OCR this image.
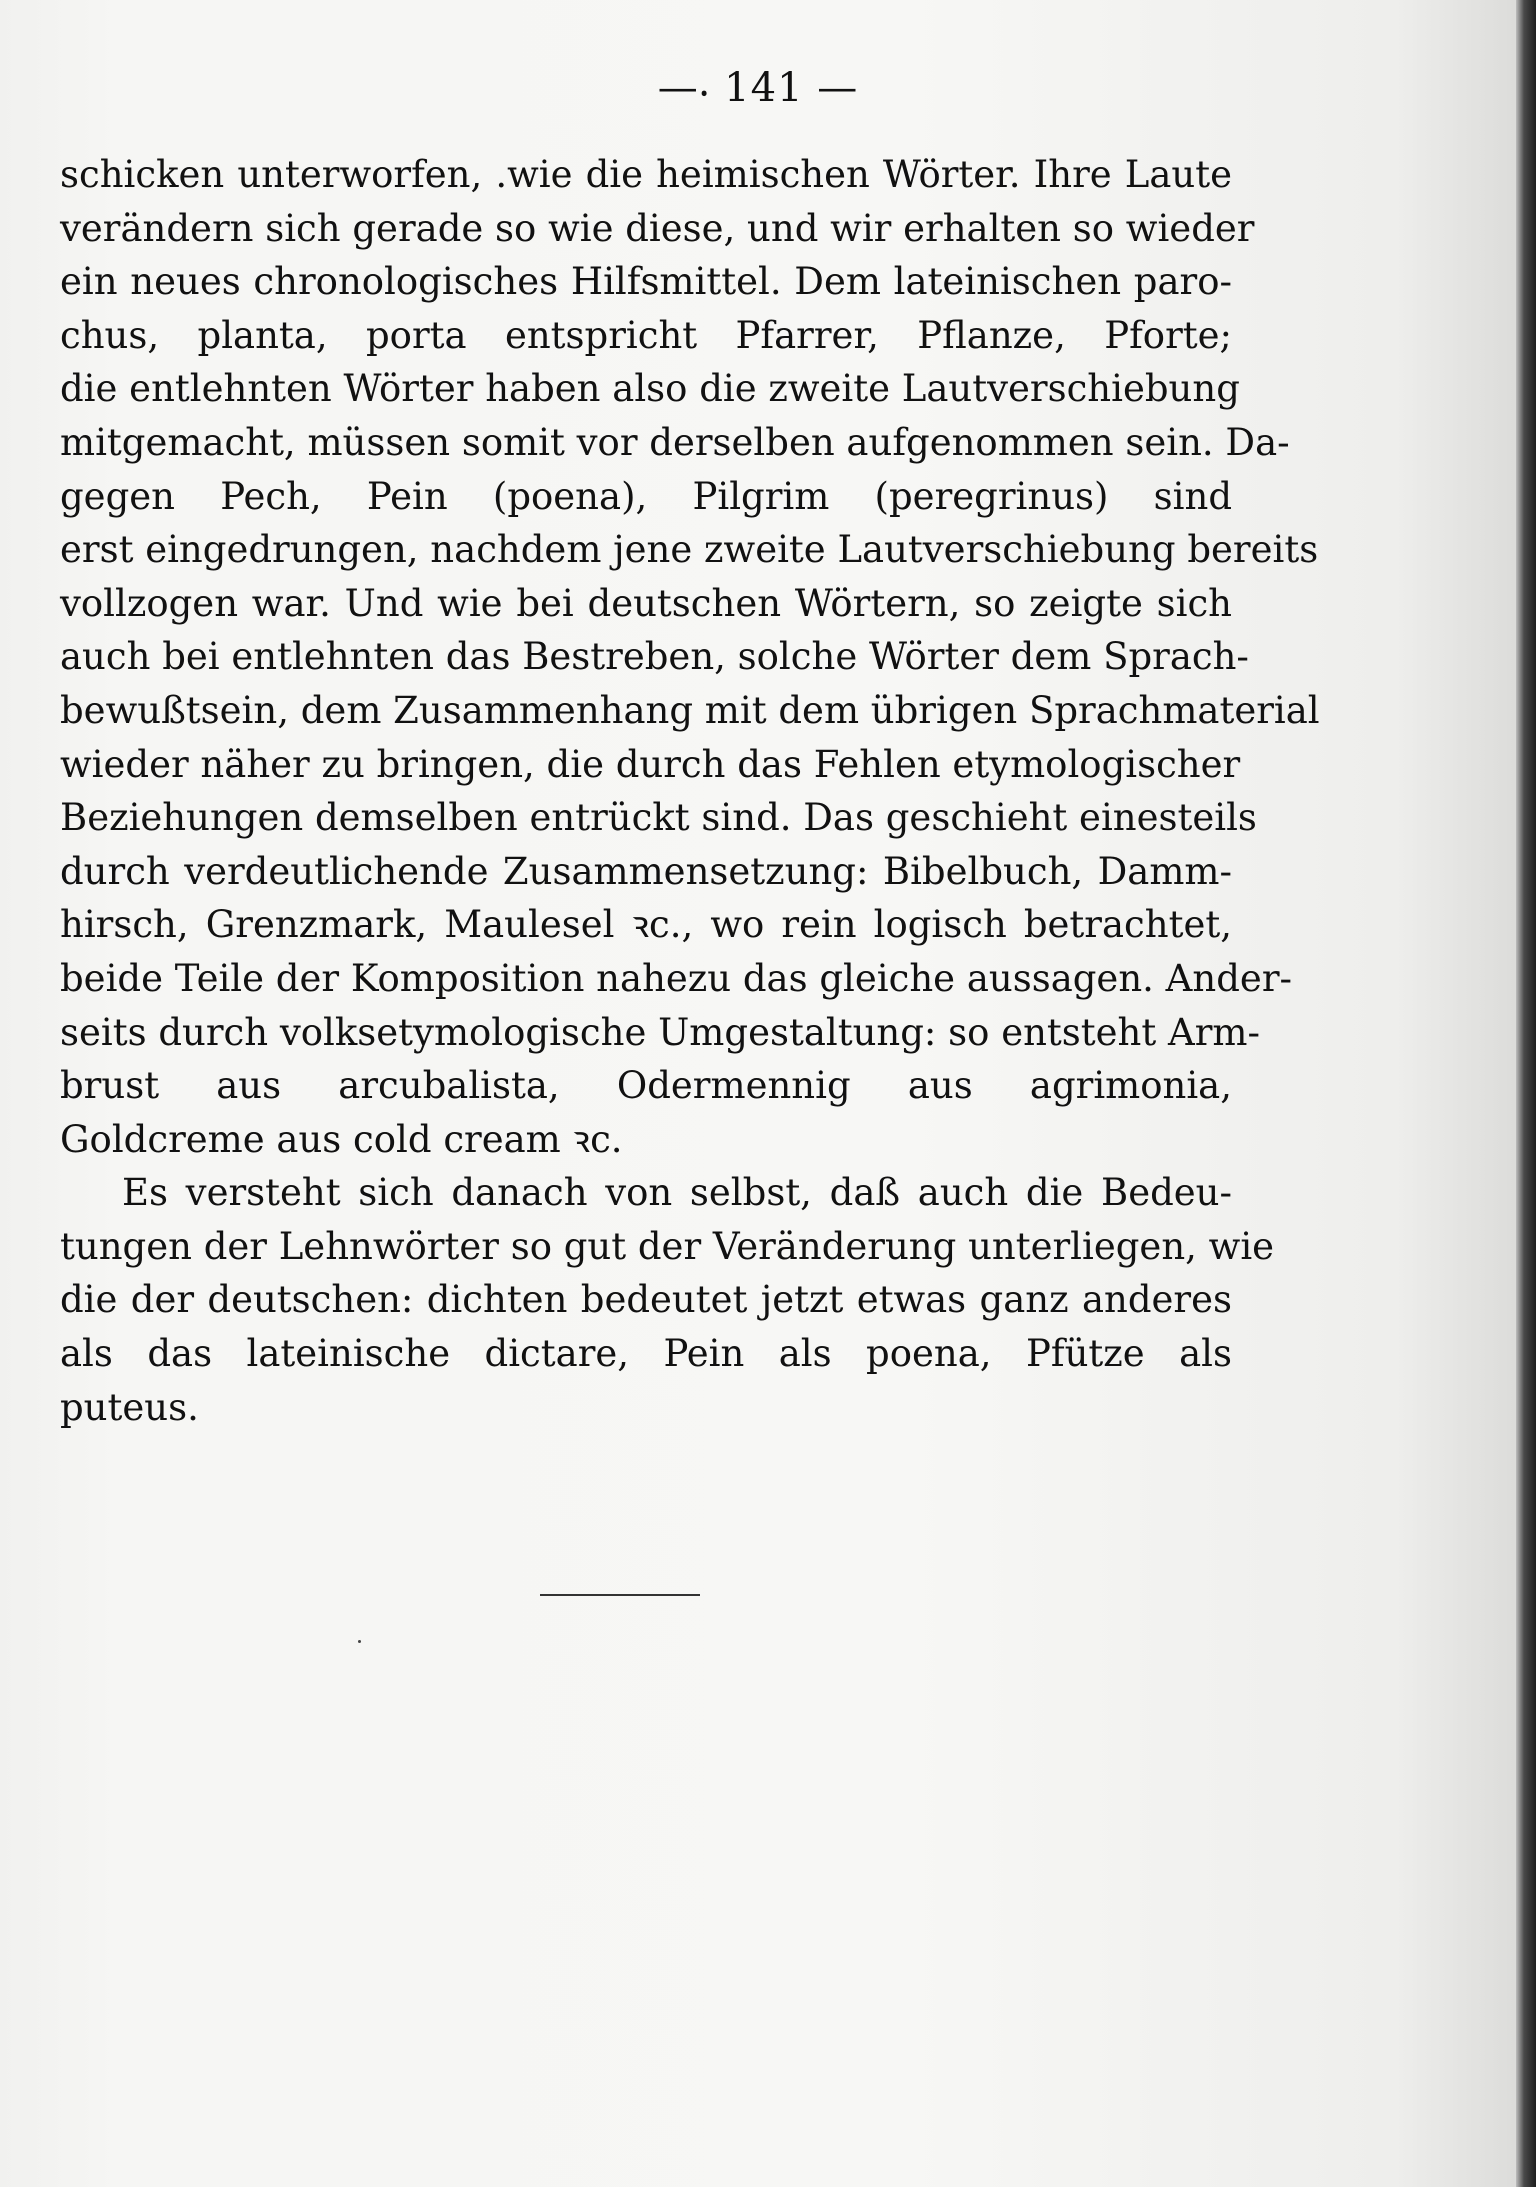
—⸳ 141 —

schicken unterworfen, .wie die heimischen Wörter. Ihre Laute
verändern sich gerade so wie diese, und wir erhalten so wieder
ein neues chronologisches Hilfsmittel. Dem lateinischen paro-
chus, planta, porta entspricht Pfarrer, Pflanze, Pforte;
die entlehnten Wörter haben also die zweite Lautverschiebung
mitgemacht, müssen somit vor derselben aufgenommen sein. Da-
gegen Pech, Pein (poena), Pilgrim (peregrinus) sind
erst eingedrungen, nachdem jene zweite Lautverschiebung bereits
vollzogen war. Und wie bei deutschen Wörtern, so zeigte sich
auch bei entlehnten das Bestreben, solche Wörter dem Sprach-
bewußtsein, dem Zusammenhang mit dem übrigen Sprachmaterial
wieder näher zu bringen, die durch das Fehlen etymologischer
Beziehungen demselben entrückt sind. Das geschieht einesteils
durch verdeutlichende Zusammensetzung: Bibelbuch, Damm-
hirsch, Grenzmark, Maulesel ꝛc., wo rein logisch betrachtet,
beide Teile der Komposition nahezu das gleiche aussagen. Ander-
seits durch volksetymologische Umgestaltung: so entsteht Arm-
brust aus arcubalista, Odermennig aus agrimonia,
Goldcreme aus cold cream ꝛc.
Es versteht sich danach von selbst, daß auch die Bedeu-
tungen der Lehnwörter so gut der Veränderung unterliegen, wie
die der deutschen: dichten bedeutet jetzt etwas ganz anderes
als das lateinische dictare, Pein als poena, Pfütze als
puteus.
